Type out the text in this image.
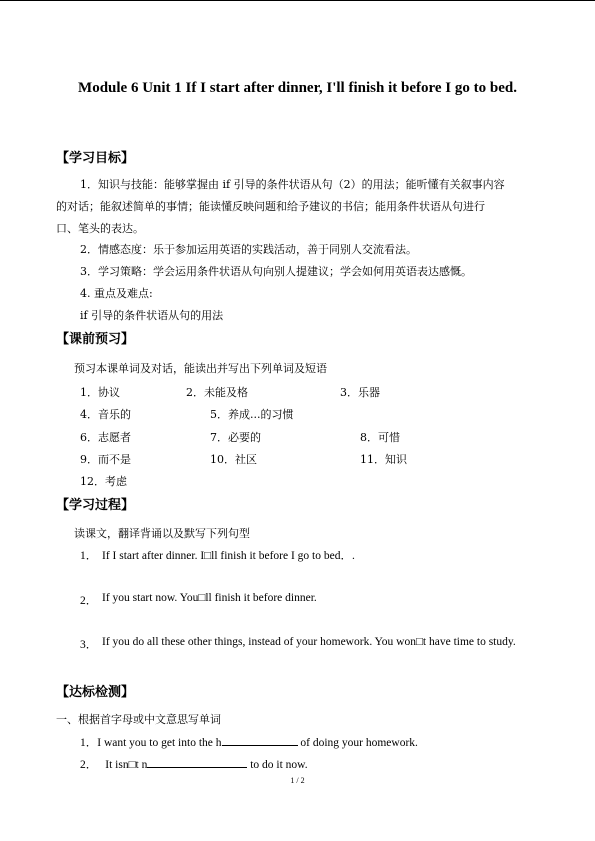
Module 6 Unit 1 If I start after dinner, I'll finish it before I go to bed.
【学习目标】
1．知识与技能：能够掌握由 if 引导的条件状语从句（2）的用法；能听懂有关叙事内容
的对话；能叙述简单的事情；能读懂反映问题和给予建议的书信；能用条件状语从句进行
口、笔头的表达。
2．情感态度：乐于参加运用英语的实践活动，善于同别人交流看法。
3．学习策略：学会运用条件状语从句向别人提建议；学会如何用英语表达感慨。
4. 重点及难点:
if 引导的条件状语从句的用法
【课前预习】
预习本课单词及对话，能读出并写出下列单词及短语
1．协议	2．未能及格	3．乐器
4．音乐的	5．养成...的习惯
6．志愿者	7．必要的	8．可惜
9．而不是	10．社区	11．知识
12．考虑
【学习过程】
读课文，翻译背诵以及默写下列句型
1． If I start after dinner. I□ll finish it before I go to bed．.
2． If you start now. You□ll finish it before dinner.
3． If you do all these other things, instead of your homework. You won□t have time to study.
【达标检测】
一、根据首字母或中文意思写单词
1．I want you to get into the h	of doing your homework.
2． It isn□t n	to do it now.
1 / 2
